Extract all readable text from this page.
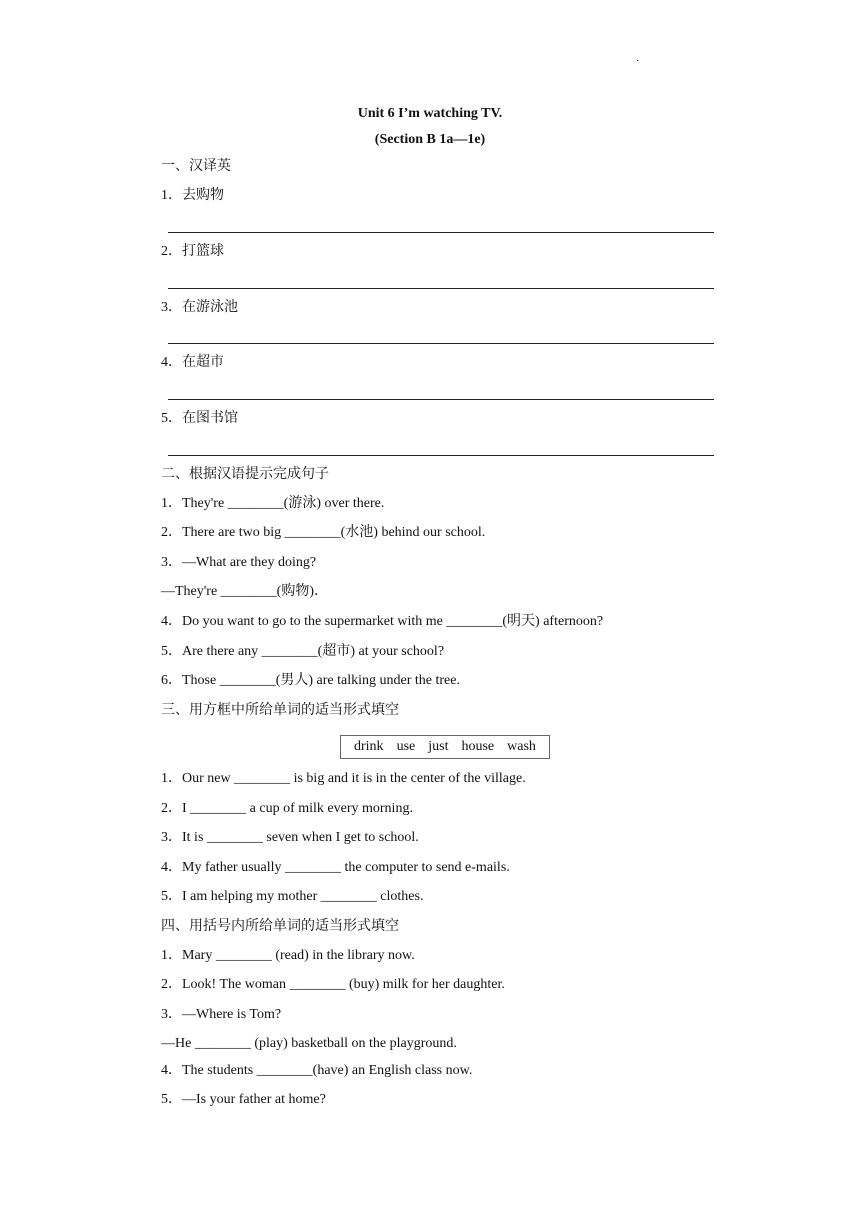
·
Unit 6 I’m watching TV.
(Section B 1a—1e)
一、汉译英
1．去购物
2．打篮球
3．在游泳池
4．在超市
5．在图书馆
二、根据汉语提示完成句子
1．They're ________(游泳) over there.
2．There are two big ________(水池) behind our school.
3．—What are they doing?
—They're ________(购物)．
4．Do you want to go to the supermarket with me ________(明天) afternoon?
5．Are there any ________(超市) at your school?
6．Those ________(男人) are talking under the tree.
三、用方框中所给单词的适当形式填空
drink use just house wash
1．Our new ________ is big and it is in the center of the village.
2．I ________ a cup of milk every morning.
3．It is ________ seven when I get to school.
4．My father usually ________ the computer to send e-mails.
5．I am helping my mother ________ clothes.
四、用括号内所给单词的适当形式填空
1．Mary ________ (read) in the library now.
2．Look! The woman ________ (buy) milk for her daughter.
3．—Where is Tom?
—He ________ (play) basketball on the playground.
4．The students ________(have) an English class now.
5．—Is your father at home?
